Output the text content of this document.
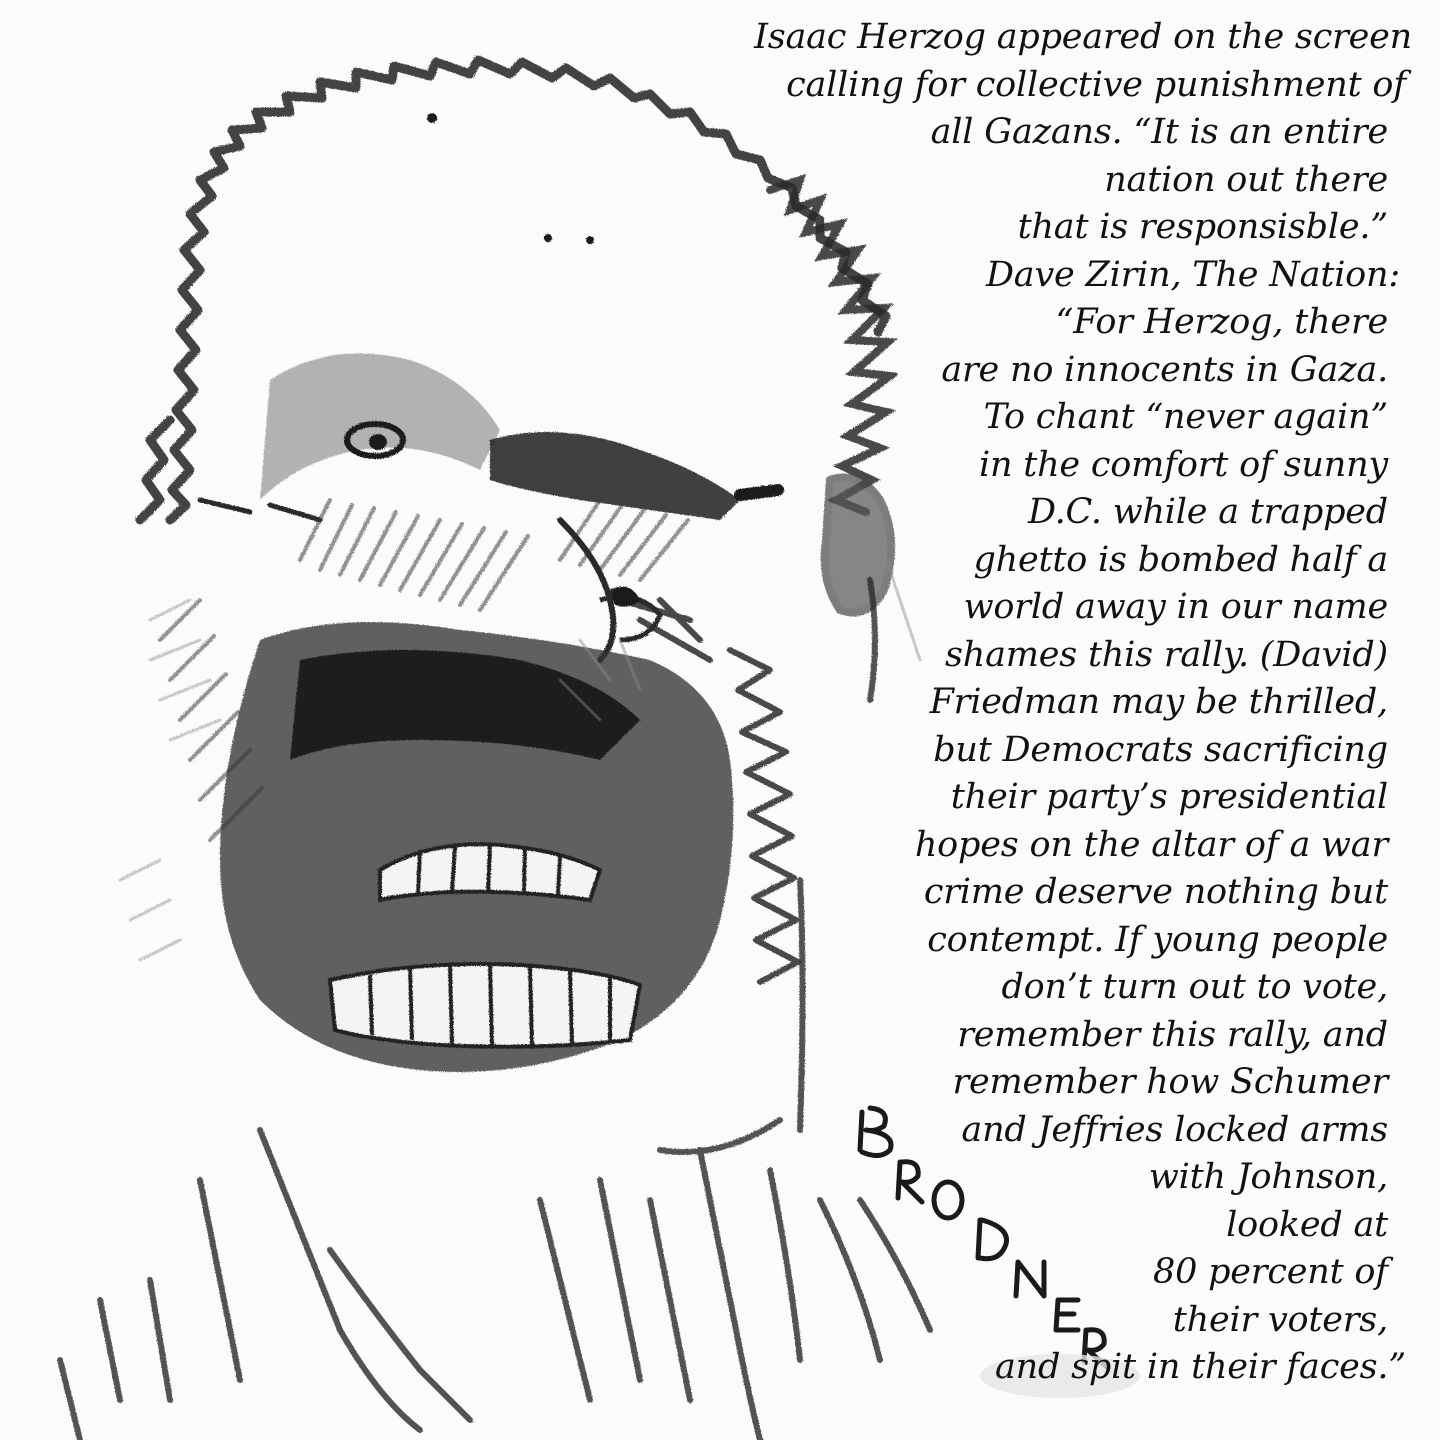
Isaac Herzog appeared on the screen
calling for collective punishment of
all Gazans. “It is an entire
nation out there
that is responsisble.”
Dave Zirin, The Nation:
“For Herzog, there
are no innocents in Gaza.
To chant “never again”
in the comfort of sunny
D.C. while a trapped
ghetto is bombed half a
world away in our name
shames this rally. (David)
Friedman may be thrilled,
but Democrats sacrificing
their party’s presidential
hopes on the altar of a war
crime deserve nothing but
contempt. If young people
don’t turn out to vote,
remember this rally, and
remember how Schumer
and Jeffries locked arms
with Johnson,
looked at
80 percent of
their voters,
and spit in their faces.”
